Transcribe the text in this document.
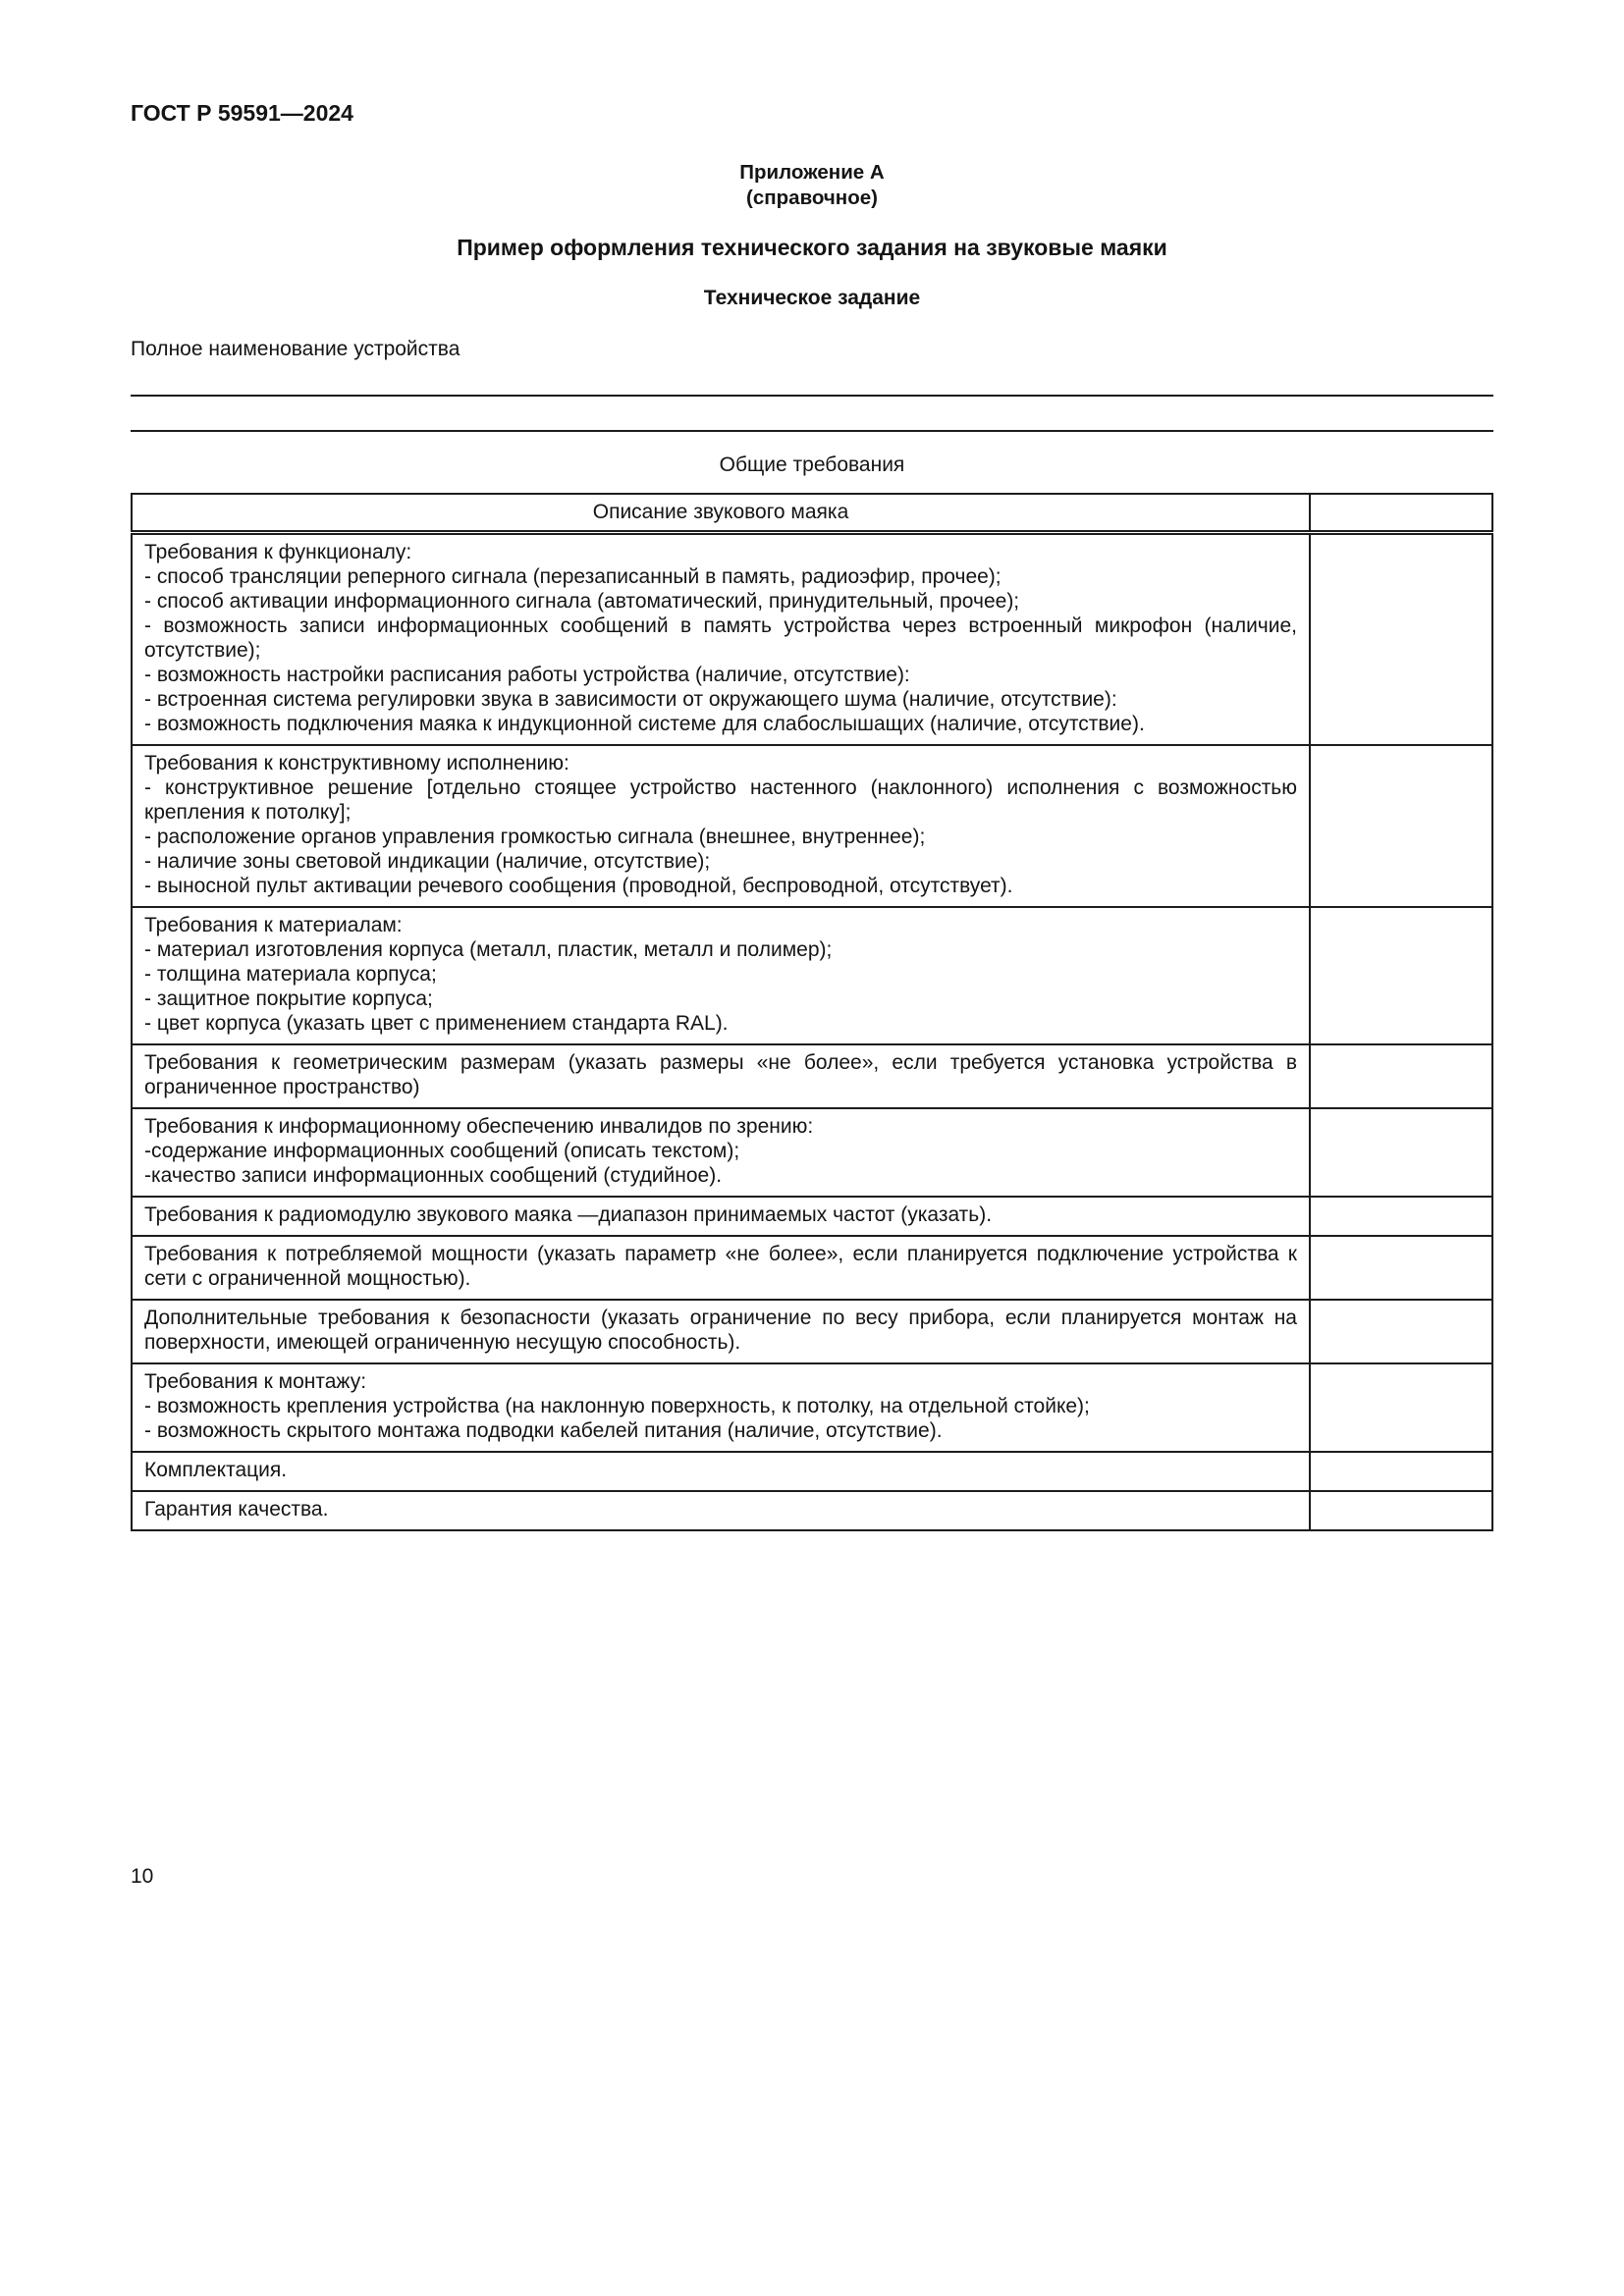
ГОСТ Р 59591—2024
Приложение А
(справочное)
Пример оформления технического задания на звуковые маяки
Техническое задание
Полное наименование устройства
Общие требования
Описание звукового маяка	

Требования к функционалу:
- способ трансляции реперного сигнала (перезаписанный в память, радиоэфир, прочее);
- способ активации информационного сигнала (автоматический, принудительный, прочее);
- возможность записи информационных сообщений в память устройства через встроенный микрофон (наличие, отсутствие);
- возможность настройки расписания работы устройства (наличие, отсутствие):
- встроенная система регулировки звука в зависимости от окружающего шума (наличие, отсутствие):
- возможность подключения маяка к индукционной системе для слабослышащих (наличие, отсутствие).

Требования к конструктивному исполнению:
- конструктивное решение [отдельно стоящее устройство настенного (наклонного) исполнения с возможностью крепления к потолку];
- расположение органов управления громкостью сигнала (внешнее, внутреннее);
- наличие зоны световой индикации (наличие, отсутствие);
- выносной пульт активации речевого сообщения (проводной, беспроводной, отсутствует).	

Требования к материалам:
- материал изготовления корпуса (металл, пластик, металл и полимер);
- толщина материала корпуса;
- защитное покрытие корпуса;
- цвет корпуса (указать цвет с применением стандарта RAL).	

Требования к геометрическим размерам (указать размеры «не более», если требуется установка устройства в ограниченное пространство)	

Требования к информационному обеспечению инвалидов по зрению:
-содержание информационных сообщений (описать текстом);
-качество записи информационных сообщений (студийное).	

Требования к радиомодулю звукового маяка —диапазон принимаемых частот (указать).	

Требования к потребляемой мощности (указать параметр «не более», если планируется подключение устройства к сети с ограниченной мощностью).	

Дополнительные требования к безопасности (указать ограничение по весу прибора, если планируется монтаж на поверхности, имеющей ограниченную несущую способность).	

Требования к монтажу:
- возможность крепления устройства (на наклонную поверхность, к потолку, на отдельной стойке);
- возможность скрытого монтажа подводки кабелей питания (наличие, отсутствие).	

Комплектация.	

Гарантия качества.	

10
